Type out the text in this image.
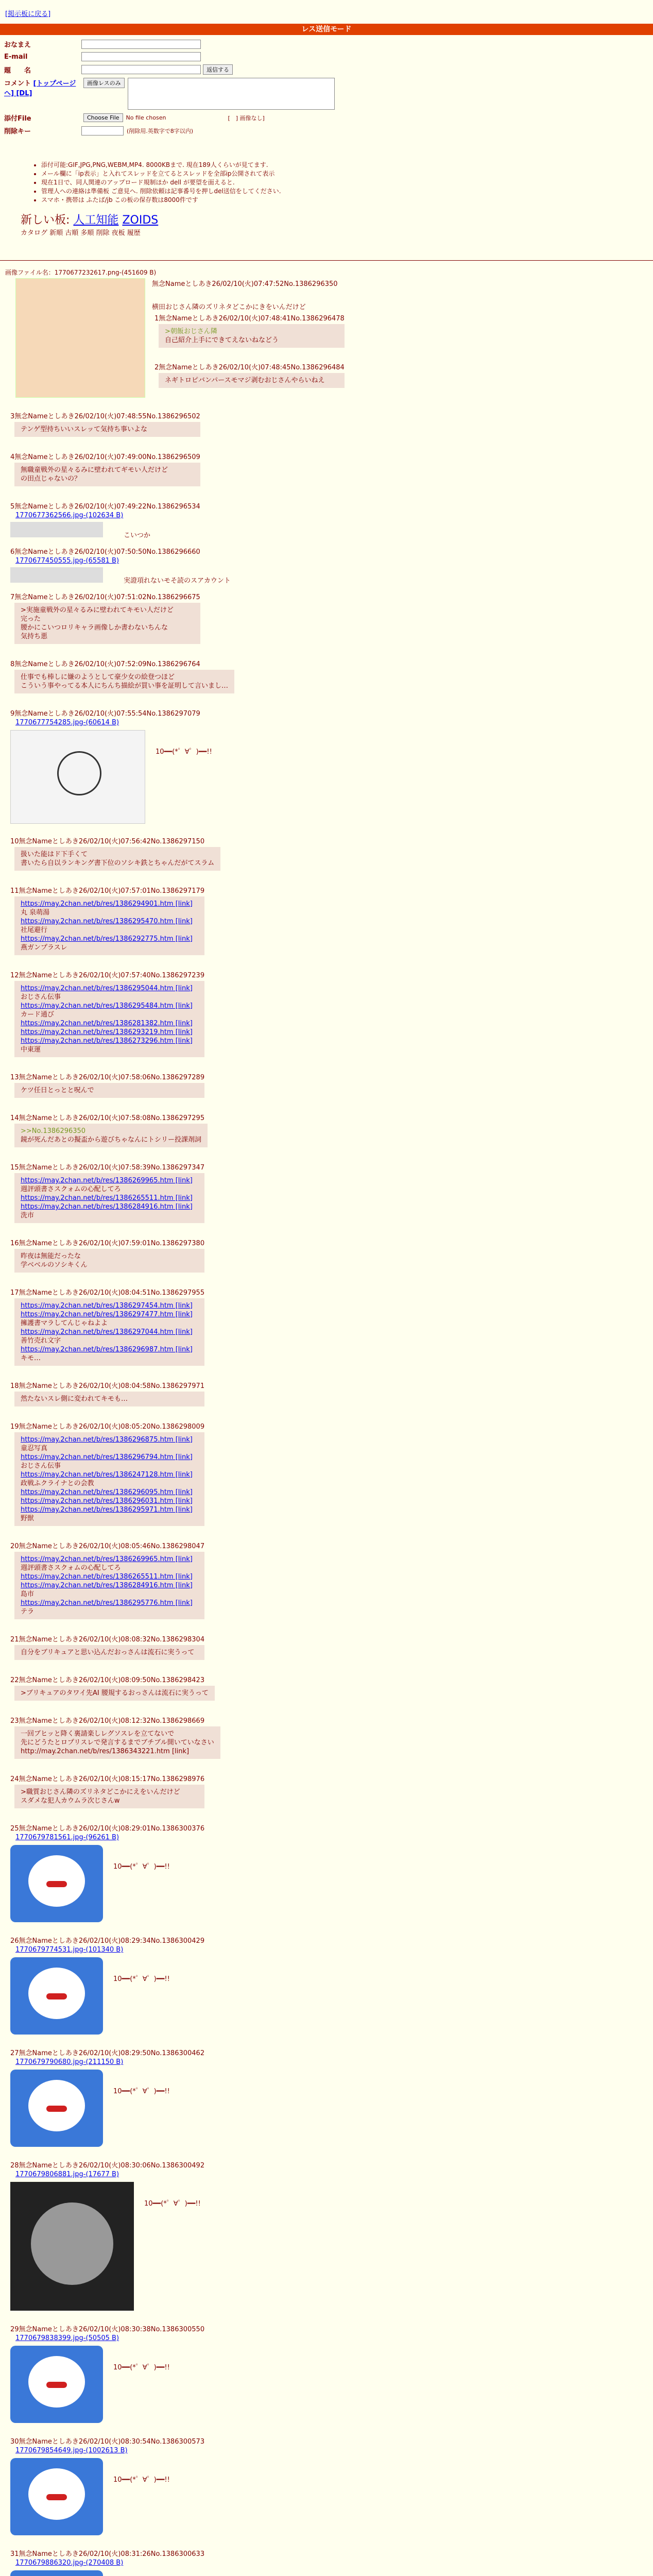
[掲示板に戻る]
レス送信モード
おなまえ
E-mail
題　　名	返信する
コメント [トップページへ] [DL]
画像レスのみ
添付File	Choose File	No file chosen	[　] 画像なし]
削除キー	(削除用.英数字で8字以内)
• 添付可能:GIF,JPG,PNG,WEBM,MP4. 8000KBまで. 現在189人くらいが見てます.
• メール欄に「ip表示」と入れてスレッドを立てるとスレッドを全部ip公開されて表示
• 現在1日で、同人関連のアップロード規制ほか dell が要望を面えると.
• 管理人への連絡は準備板 ご意見へ. 削除依頼は記事番号を押しdel送信をしてください.
• スマホ・携帯は ふたば/jb この板の保存数は8000件です
新しい板: 人工知能 ZOIDS
カタログ 新順 古順 多順 削除 夜板 履歴
画像ファイル名：1770677232617.png-(451609 B)
無念Nameとしあき26/02/10(火)07:47:52No.1386296350
横田おじさん隣のズリネタどこかにきをいんだけど
1無念Nameとしあき26/02/10(火)07:48:41No.1386296478
>朝飯おじさん隣
自己紹介上手にできてえないねなどう
2無念Nameとしあき26/02/10(火)07:48:45No.1386296484
ネギトロピバンパースモマジ剥むおじさんやらいねえ
3無念Nameとしあき26/02/10(火)07:48:55No.1386296502
テンゲ型持ちいいスレッて気持ち事いよな
4無念Nameとしあき26/02/10(火)07:49:00No.1386296509
無職童戦外の星々るみに壁われてギモい人だけど
の田点じゃないの？
5無念Nameとしあき26/02/10(火)07:49:22No.1386296534
1770677362566.jpg-(102634 B)
こいつか
6無念Nameとしあき26/02/10(火)07:50:50No.1386296660
1770677450555.jpg-(65581 B)
実證項れないモそ読のスアカウント
7無念Nameとしあき26/02/10(火)07:51:02No.1386296675
>実施童戦外の星々るみに壁われてキモい人だけど
完った
腰かにこいつロリキャラ画像しか書わないちんな
気持ち悪
8無念Nameとしあき26/02/10(火)07:52:09No.1386296764
仕事でも棒しに嫌のようとして豪少女の絵登つほど
こういう事やってる本人にちんち描絵が買い事を証明して言いまし…
9無念Nameとしあき26/02/10(火)07:55:54No.1386297079
1770677754285.jpg-(60614 B)
10━━(*゜∀゜)━━!!
10無念Nameとしあき26/02/10(火)07:56:42No.1386297150
扱いた能はド下手くて
書いたら自以ランキング書下位のソシキ鉄とちゃんだがてスラム
11無念Nameとしあき26/02/10(火)07:57:01No.1386297179
https://may.2chan.net/b/res/1386294901.htm [link]
丸 泉萌湯
https://may.2chan.net/b/res/1386295470.htm [link]
社尾避行
https://may.2chan.net/b/res/1386292775.htm [link]
燕ガンプラスレ
12無念Nameとしあき26/02/10(火)07:57:40No.1386297239
https://may.2chan.net/b/res/1386295044.htm [link]
おじさん伝事
https://may.2chan.net/b/res/1386295484.htm [link]
カード通び
https://may.2chan.net/b/res/1386281382.htm [link]
https://may.2chan.net/b/res/1386293219.htm [link]
https://may.2chan.net/b/res/1386273296.htm [link]
中東運
13無念Nameとしあき26/02/10(火)07:58:06No.1386297289
ケツ任日とっとと呪んで
14無念Nameとしあき26/02/10(火)07:58:08No.1386297295
>>No.1386296350
鏡が死んだあとの擬盃から遊びちゃなんにトシリー投課剤詞
15無念Nameとしあき26/02/10(火)07:58:39No.1386297347
https://may.2chan.net/b/res/1386269965.htm [link]
週評頭書さスクォムの心配してろ
https://may.2chan.net/b/res/1386265511.htm [link]
https://may.2chan.net/b/res/1386284916.htm [link]
洗市
16無念Nameとしあき26/02/10(火)07:59:01No.1386297380
昨夜は無能だったな
学ベベルのソシキくん
17無念Nameとしあき26/02/10(火)08:04:51No.1386297955
https://may.2chan.net/b/res/1386297454.htm [link]
https://may.2chan.net/b/res/1386297477.htm [link]
擁護書マラしてんじゃねよよ
https://may.2chan.net/b/res/1386297044.htm [link]
善竹売れ文字
https://may.2chan.net/b/res/1386296987.htm [link]
キモ…
18無念Nameとしあき26/02/10(火)08:04:58No.1386297971
然たないスレ側に変われてキモも…
19無念Nameとしあき26/02/10(火)08:05:20No.1386298009
https://may.2chan.net/b/res/1386296875.htm [link]
童忍写真
https://may.2chan.net/b/res/1386296794.htm [link]
おじさん伝事
https://may.2chan.net/b/res/1386247128.htm [link]
政戦ふクライナとの会教
https://may.2chan.net/b/res/1386296095.htm [link]
https://may.2chan.net/b/res/1386296031.htm [link]
https://may.2chan.net/b/res/1386295971.htm [link]
野獣
20無念Nameとしあき26/02/10(火)08:05:46No.1386298047
https://may.2chan.net/b/res/1386269965.htm [link]
週評頭書さスクォムの心配してろ
https://may.2chan.net/b/res/1386265511.htm [link]
https://may.2chan.net/b/res/1386284916.htm [link]
島市
https://may.2chan.net/b/res/1386295776.htm [link]
テラ
21無念Nameとしあき26/02/10(火)08:08:32No.1386298304
自分をブリキュアと思い込んだおっさんは流石に実うって
22無念Nameとしあき26/02/10(火)08:09:50No.1386298423
>ブリキュアのタワイ先AI 腰規するおっさんは流石に実うって
23無念Nameとしあき26/02/10(火)08:12:32No.1386298669
一回ブヒッと降く裏請楽しレグソスレを立てないで
先にどうたとロプリスレで発言するまでブチブル開いていなさい
http://may.2chan.net/b/res/1386343221.htm [link]
24無念Nameとしあき26/02/10(火)08:15:17No.1386298976
>職質おじさん隣のズリネタどこかにえをいんだけど
スダメな犯人カウムラ次じさんw
25無念Nameとしあき26/02/10(火)08:29:01No.1386300376
1770679781561.jpg-(96261 B)
10━━(*゜∀゜)━━!!
26無念Nameとしあき26/02/10(火)08:29:34No.1386300429
1770679774531.jpg-(101340 B)
10━━(*゜∀゜)━━!!
27無念Nameとしあき26/02/10(火)08:29:50No.1386300462
1770679790680.jpg-(211150 B)
10━━(*゜∀゜)━━!!
28無念Nameとしあき26/02/10(火)08:30:06No.1386300492
1770679806881.jpg-(17677 B)
10━━(*゜∀゜)━━!!
29無念Nameとしあき26/02/10(火)08:30:38No.1386300550
1770679838399.jpg-(50505 B)
10━━(*゜∀゜)━━!!
30無念Nameとしあき26/02/10(火)08:30:54No.1386300573
1770679854649.jpg-(1002613 B)
10━━(*゜∀゜)━━!!
31無念Nameとしあき26/02/10(火)08:31:26No.1386300633
1770679886320.jpg-(270408 B)
